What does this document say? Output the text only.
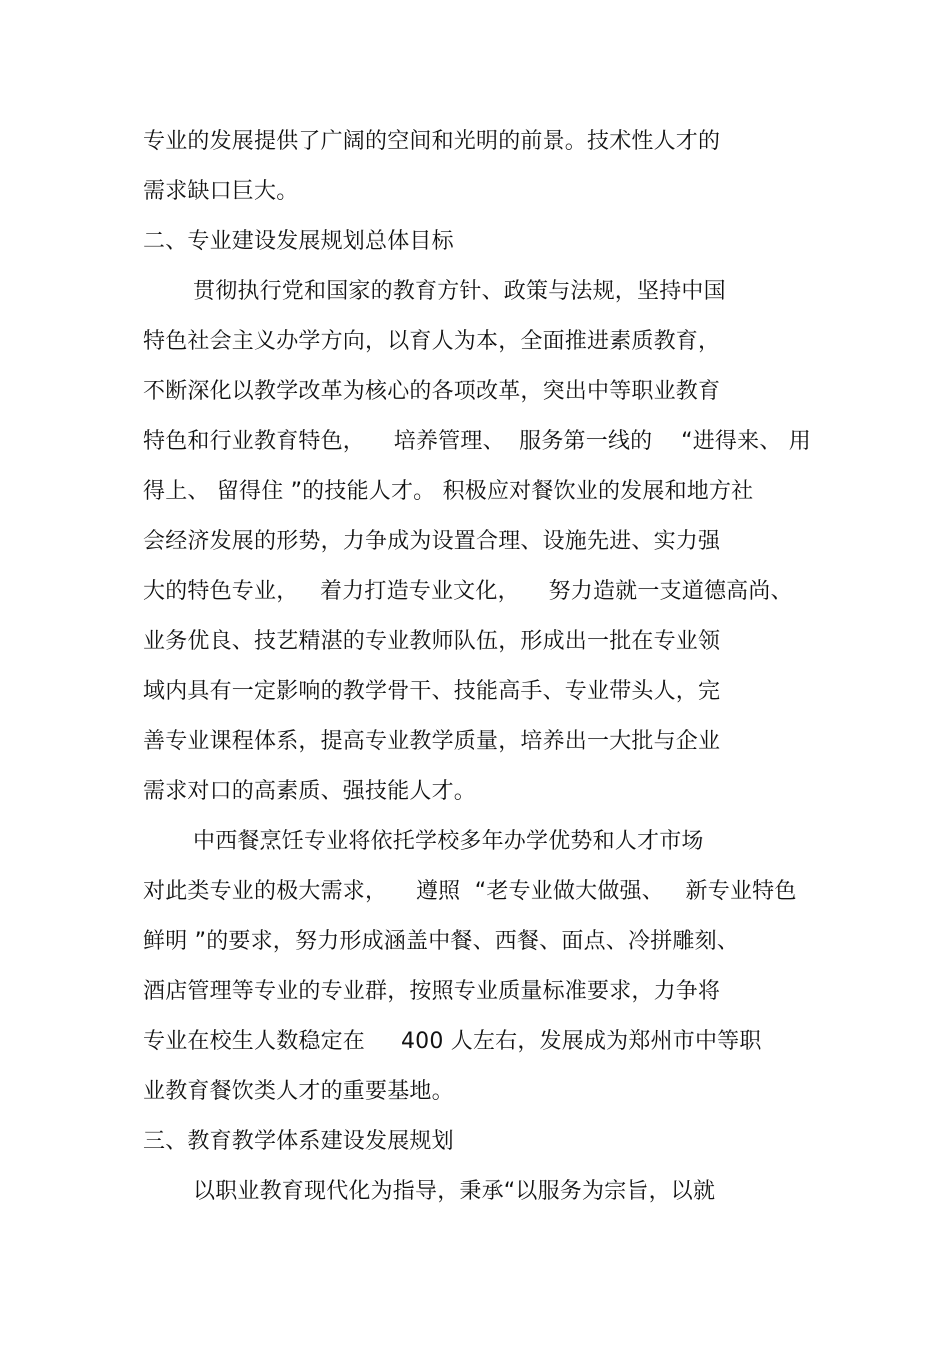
专业的发展提供了广阔的空间和光明的前景。技术性人才的
需求缺口巨大。
二、专业建设发展规划总体目标
贯彻执行党和国家的教育方针、政策与法规，坚持中国
特色社会主义办学方向，以育人为本，全面推进素质教育，
不断深化以教学改革为核心的各项改革，突出中等职业教育
特色和行业教育特色，    培养管理、  服务第一线的    “进得来、 用
得上、 留得住 ”的技能人才。 积极应对餐饮业的发展和地方社
会经济发展的形势，力争成为设置合理、设施先进、实力强
大的特色专业，   着力打造专业文化，    努力造就一支道德高尚、
业务优良、技艺精湛的专业教师队伍，形成出一批在专业领
域内具有一定影响的教学骨干、技能高手、专业带头人，完
善专业课程体系，提高专业教学质量，培养出一大批与企业
需求对口的高素质、强技能人才。
中西餐烹饪专业将依托学校多年办学优势和人才市场
对此类专业的极大需求，    遵照  “老专业做大做强、   新专业特色
鲜明 ”的要求，努力形成涵盖中餐、西餐、面点、冷拼雕刻、
酒店管理等专业的专业群，按照专业质量标准要求，力争将
专业在校生人数稳定在     400 人左右，发展成为郑州市中等职
业教育餐饮类人才的重要基地。
三、教育教学体系建设发展规划
以职业教育现代化为指导，秉承“以服务为宗旨，以就
